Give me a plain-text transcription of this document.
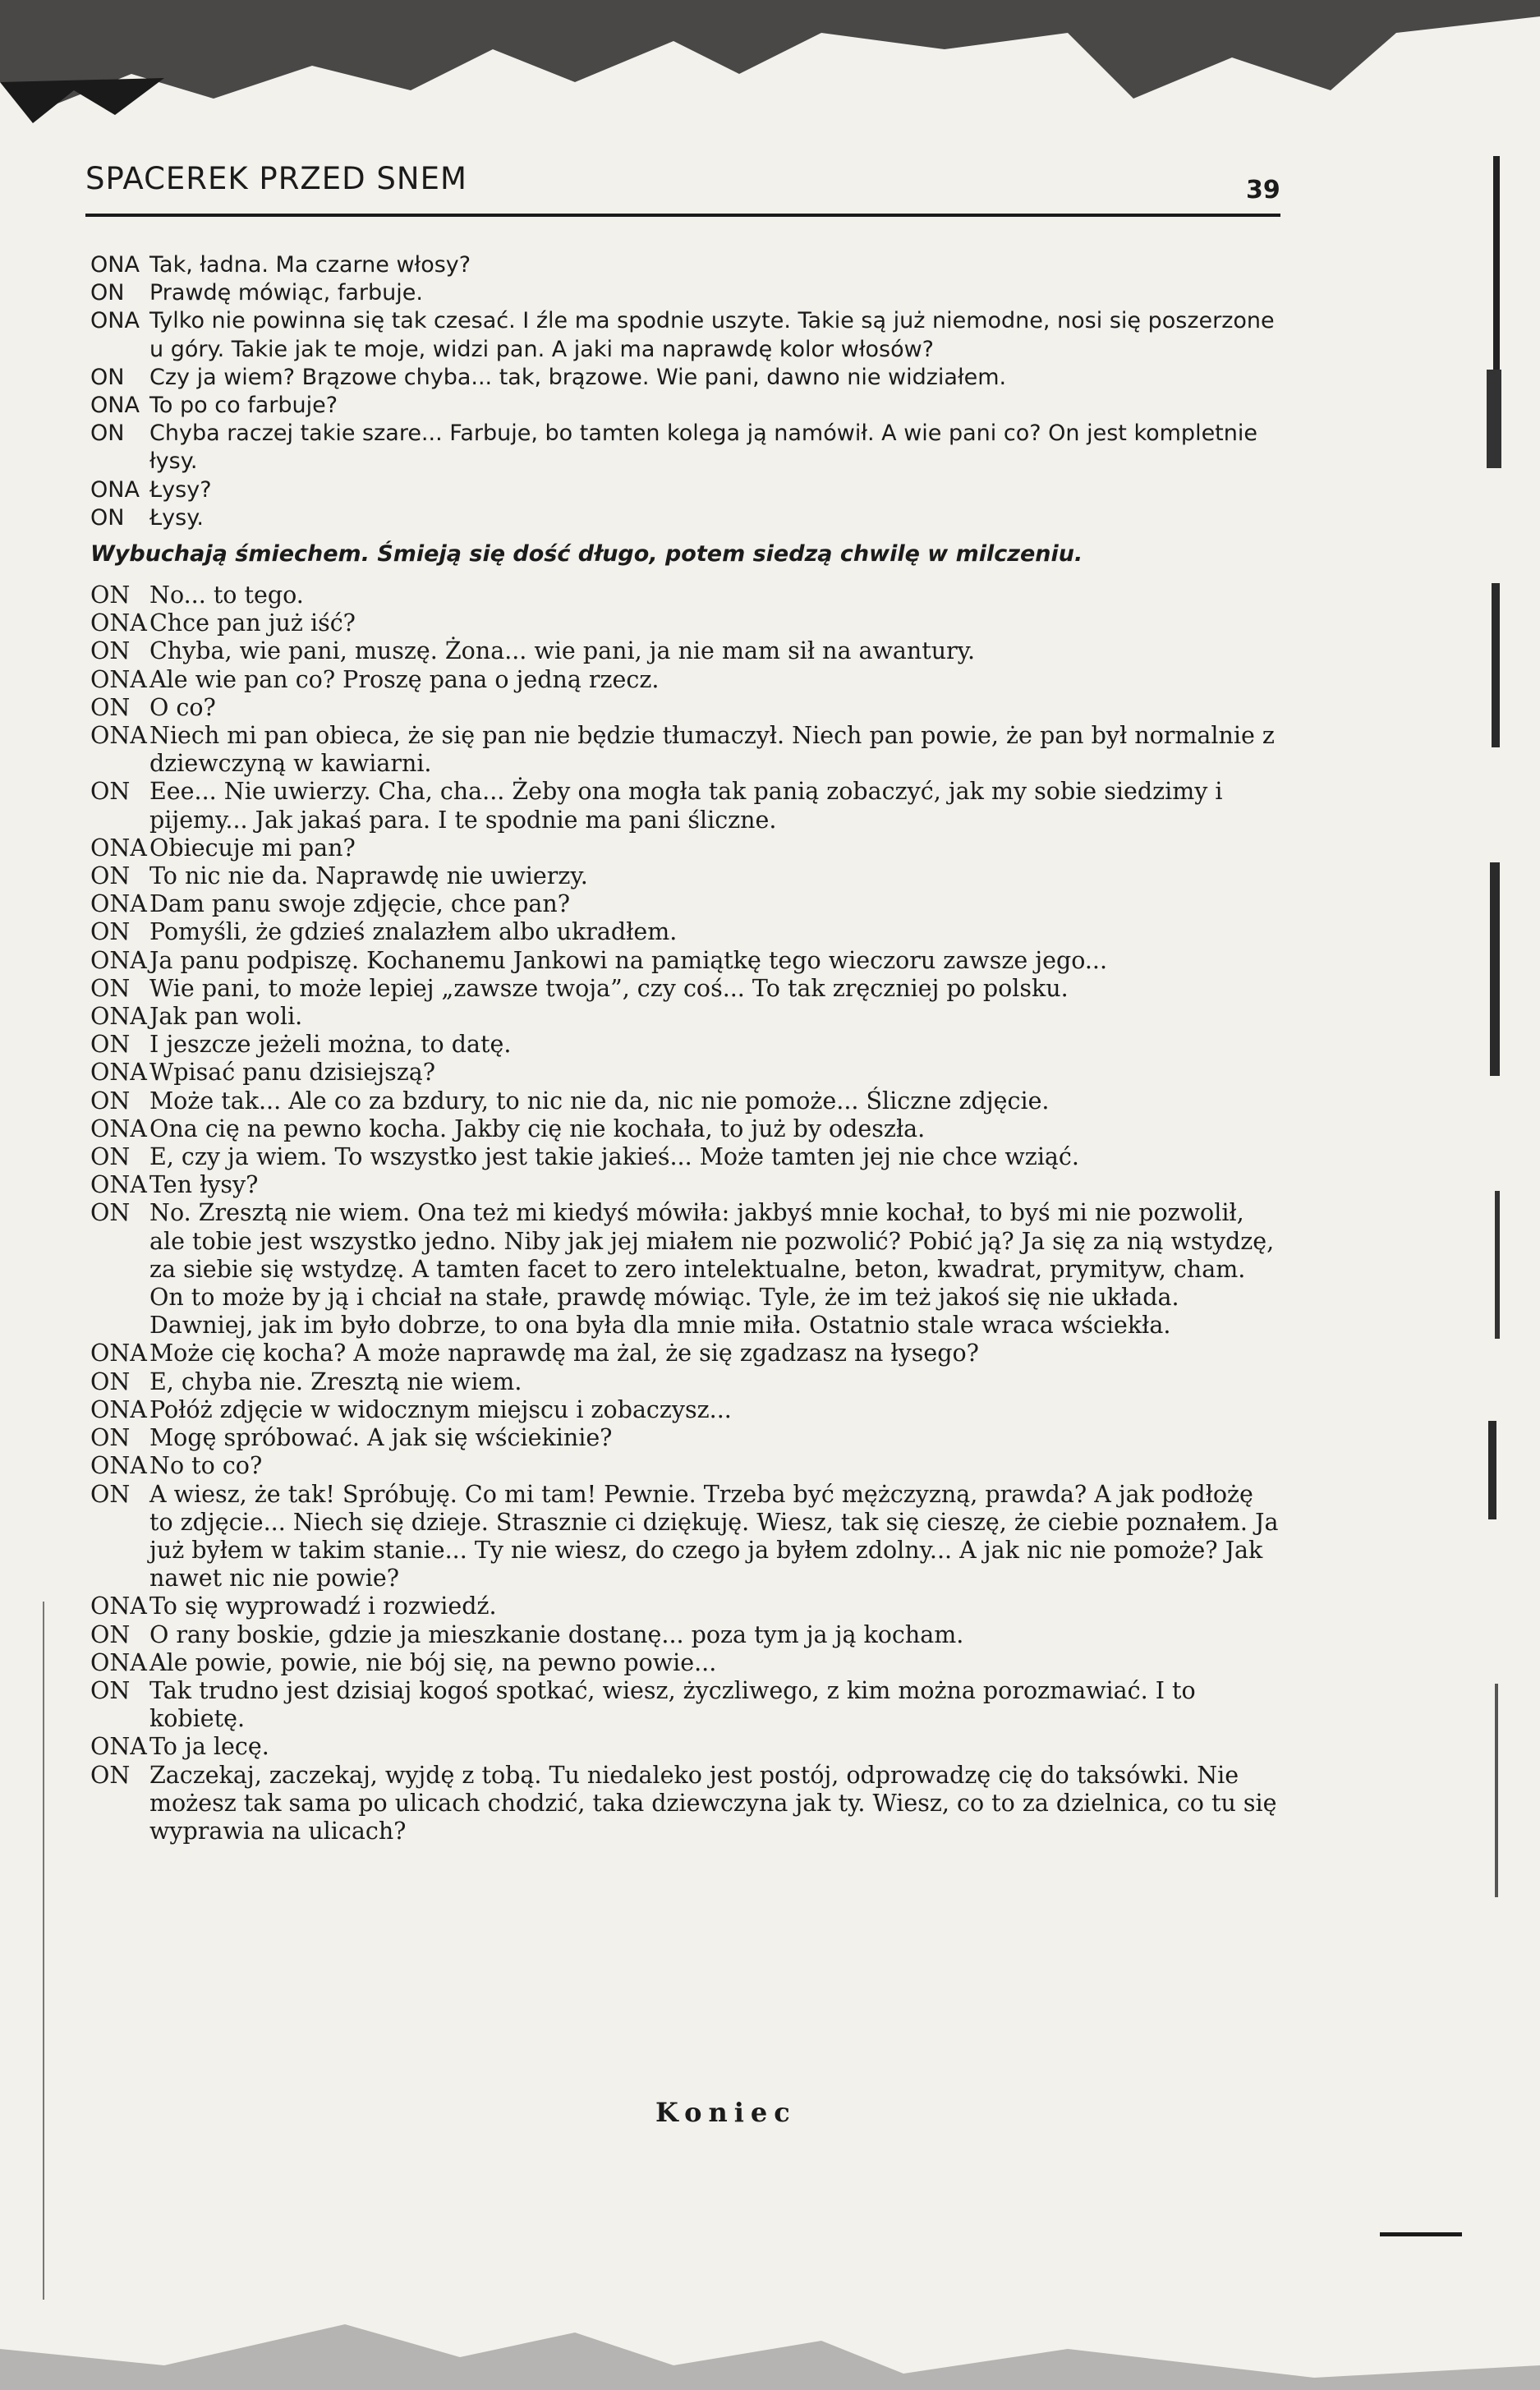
SPACEREK PRZED SNEM	39

ONA Tak, ładna. Ma czarne włosy?

ON Prawdę mówiąc, farbuje.

ONA Tylko nie powinna się tak czesać. I źle ma spodnie uszyte. Takie są już niemodne, nosi się poszerzone u góry. Takie jak te moje, widzi pan. A jaki ma naprawdę kolor włosów?

ON Czy ja wiem? Brązowe chyba... tak, brązowe. Wie pani, dawno nie widziałem.

ONA To po co farbuje?

ON Chyba raczej takie szare... Farbuje, bo tamten kolega ją namówił. A wie pani co? On jest kompletnie łysy.

ONA Łysy?

ON Łysy.

Wybuchają śmiechem. Śmieją się dość długo, potem siedzą chwilę w milczeniu.

ON No... to tego.

ONA Chce pan już iść?

ON Chyba, wie pani, muszę. Żona... wie pani, ja nie mam sił na awantury.

ONA Ale wie pan co? Proszę pana o jedną rzecz.

ON O co?

ONA Niech mi pan obieca, że się pan nie będzie tłumaczył. Niech pan powie, że pan był normalnie z dziewczyną w kawiarni.

ON Eee... Nie uwierzy. Cha, cha... Żeby ona mogła tak panią zobaczyć, jak my sobie siedzimy i pijemy... Jak jakaś para. I te spodnie ma pani śliczne.

ONA Obiecuje mi pan?

ON To nic nie da. Naprawdę nie uwierzy.

ONA Dam panu swoje zdjęcie, chce pan?

ON Pomyśli, że gdzieś znalazłem albo ukradłem.

ONA Ja panu podpiszę. Kochanemu Jankowi na pamiątkę tego wieczoru zawsze jego...

ON Wie pani, to może lepiej „zawsze twoja”, czy coś... To tak zręczniej po polsku.

ONA Jak pan woli.

ON I jeszcze jeżeli można, to datę.

ONA Wpisać panu dzisiejszą?

ON Może tak... Ale co za bzdury, to nic nie da, nic nie pomoże... Śliczne zdjęcie.

ONA Ona cię na pewno kocha. Jakby cię nie kochała, to już by odeszła.

ON E, czy ja wiem. To wszystko jest takie jakieś... Może tamten jej nie chce wziąć.

ONA Ten łysy?

ON No. Zresztą nie wiem. Ona też mi kiedyś mówiła: jakbyś mnie kochał, to byś mi nie pozwolił, ale tobie jest wszystko jedno. Niby jak jej miałem nie pozwolić? Pobić ją? Ja się za nią wstydzę, za siebie się wstydzę. A tamten facet to zero intelektualne, beton, kwadrat, prymityw, cham. On to może by ją i chciał na stałe, prawdę mówiąc. Tyle, że im też jakoś się nie układa. Dawniej, jak im było dobrze, to ona była dla mnie miła. Ostatnio stale wraca wściekła.

ONA Może cię kocha? A może naprawdę ma żal, że się zgadzasz na łysego?

ON E, chyba nie. Zresztą nie wiem.

ONA Połóż zdjęcie w widocznym miejscu i zobaczysz...

ON Mogę spróbować. A jak się wściekinie?

ONA No to co?

ON A wiesz, że tak! Spróbuję. Co mi tam! Pewnie. Trzeba być mężczyzną, prawda? A jak podłożę to zdjęcie... Niech się dzieje. Strasznie ci dziękuję. Wiesz, tak się cieszę, że ciebie poznałem. Ja już byłem w takim stanie... Ty nie wiesz, do czego ja byłem zdolny... A jak nic nie pomoże? Jak nawet nic nie powie?

ONA To się wyprowadź i rozwiedź.

ON O rany boskie, gdzie ja mieszkanie dostanę... poza tym ja ją kocham.

ONA Ale powie, powie, nie bój się, na pewno powie...

ON Tak trudno jest dzisiaj kogoś spotkać, wiesz, życzliwego, z kim można porozmawiać. I to kobietę.

ONA To ja lecę.

ON Zaczekaj, zaczekaj, wyjdę z tobą. Tu niedaleko jest postój, odprowadzę cię do taksówki. Nie możesz tak sama po ulicach chodzić, taka dziewczyna jak ty. Wiesz, co to za dzielnica, co tu się wyprawia na ulicach?

Koniec
